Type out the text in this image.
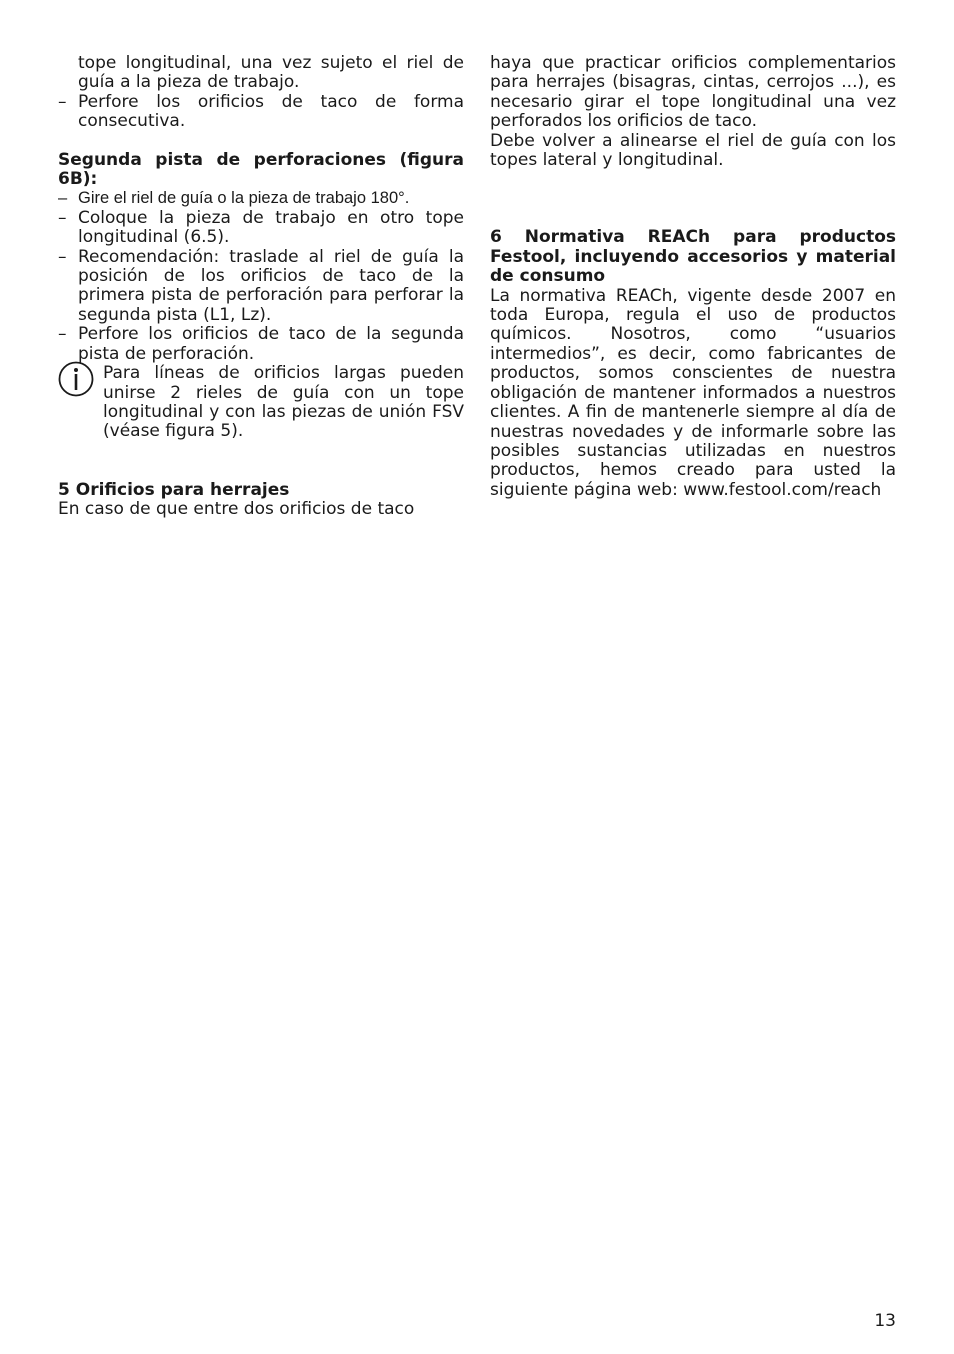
tope longitudinal, una vez sujeto el riel de guía a la pieza de trabajo.

– Perfore los orificios de taco de forma consecutiva.

Segunda pista de perforaciones (figura 6B):

– Gire el riel de guía o la pieza de trabajo 180°.

– Coloque la pieza de trabajo en otro tope longitudinal (6.5).

– Recomendación: traslade al riel de guía la posición de los orificios de taco de la primera pista de perforación para perforar la segunda pista (L1, Lz).

– Perfore los orificios de taco de la segunda pista de perforación.

Para líneas de orificios largas pueden unirse 2 rieles de guía con un tope longitudinal y con las piezas de unión FSV (véase figura 5).

5 Orificios para herrajes

En caso de que entre dos orificios de taco

haya que practicar orificios complementarios para herrajes (bisagras, cintas, cerrojos ...), es necesario girar el tope longitudinal una vez perforados los orificios de taco.

Debe volver a alinearse el riel de guía con los topes lateral y longitudinal.

6 Normativa REACh para productos Festool, incluyendo accesorios y material de consumo

La normativa REACh, vigente desde 2007 en toda Europa, regula el uso de productos químicos. Nosotros, como “usuarios intermedios”, es decir, como fabricantes de productos, somos conscientes de nuestra obligación de mantener informados a nuestros clientes. A fin de mantenerle siempre al día de nuestras novedades y de informarle sobre las posibles sustancias utilizadas en nuestros productos, hemos creado para usted la siguiente página web: www.festool.com/reach

13
